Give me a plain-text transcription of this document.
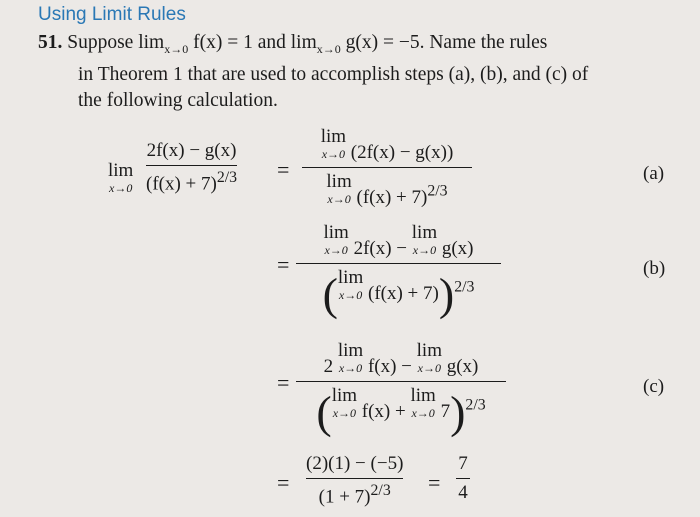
Using Limit Rules

51. Suppose $\lim_{x\to 0} f(x) = 1$ and $\lim_{x\to 0} g(x) = -5$. Name the rules

in Theorem 1 that are used to accomplish steps (a), (b), and (c) of

the following calculation.

lim
x→0
2f(x) − g(x)
$(f(x) + 7)^{2/3}$ =
lim
x→0 (2f(x) − g(x))
lim
x→0 $(f(x) + 7)^{2/3}$
(a)
=
lim
x→0 2f(x) − lim
x→0 g(x)
(lim
x→0 (f(x) + 7))$^{2/3}$
(b)
=
2 lim
x→0 f(x) − lim
x→0 g(x)
(lim
x→0 f(x) + lim
x→0 7)$^{2/3}$
(c)
=
(2)(1) − (−5)
$(1 + 7)^{2/3}$	=
7
4
